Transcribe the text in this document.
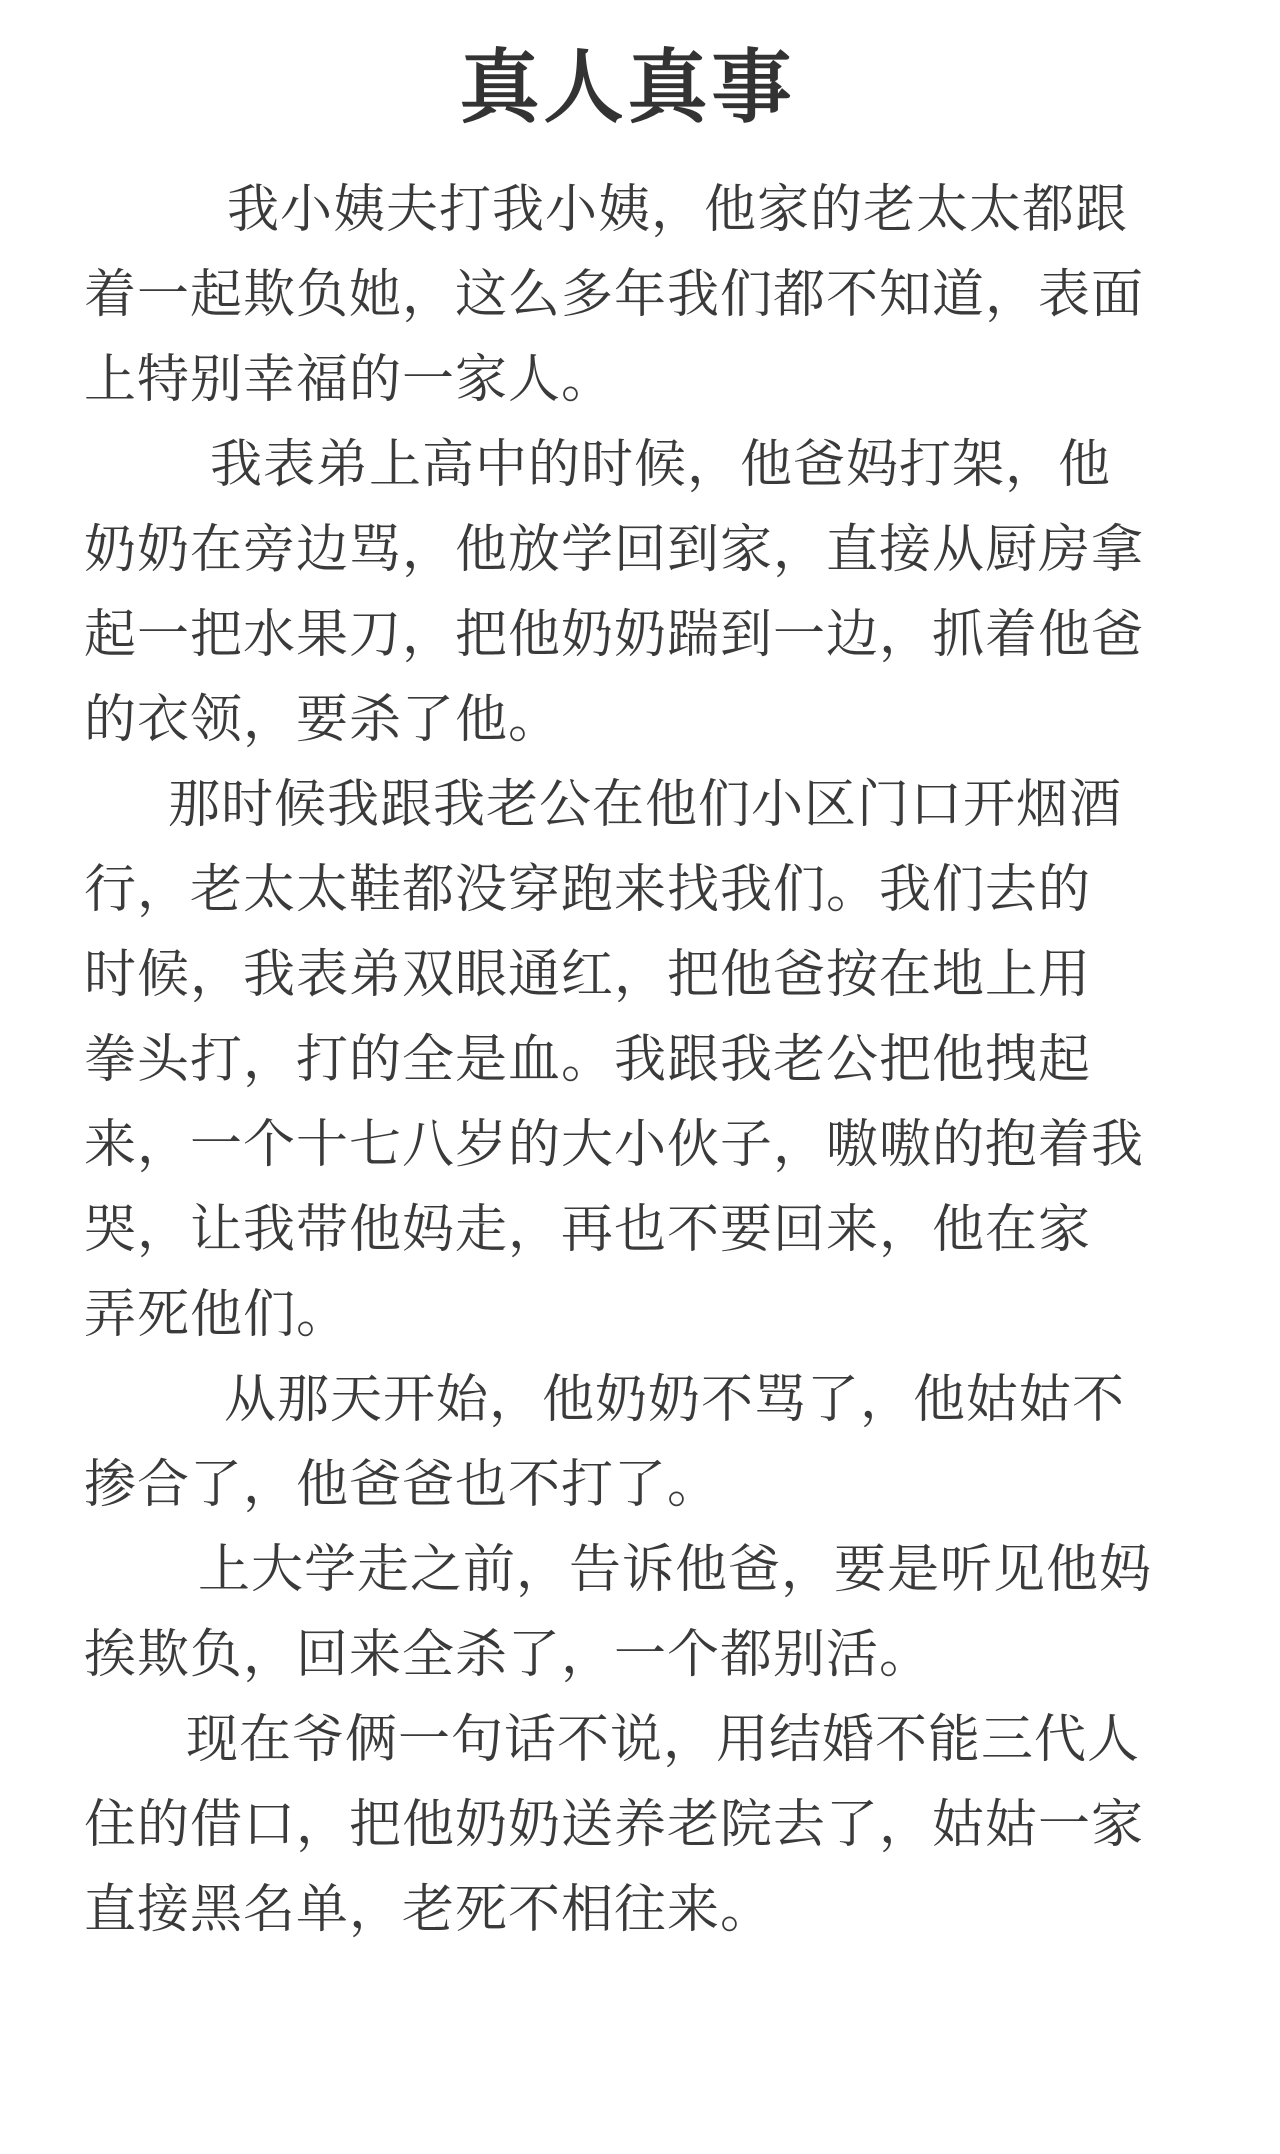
真人真事

我小姨夫打我小姨，他家的老太太都跟
着一起欺负她，这么多年我们都不知道，表面
上特别幸福的一家人。

我表弟上高中的时候，他爸妈打架，他
奶奶在旁边骂，他放学回到家，直接从厨房拿
起一把水果刀，把他奶奶踹到一边，抓着他爸
的衣领，要杀了他。

那时候我跟我老公在他们小区门口开烟酒
行，老太太鞋都没穿跑来找我们。我们去的
时候，我表弟双眼通红，把他爸按在地上用
拳头打，打的全是血。我跟我老公把他拽起
来，一个十七八岁的大小伙子，嗷嗷的抱着我
哭，让我带他妈走，再也不要回来，他在家
弄死他们。

从那天开始，他奶奶不骂了，他姑姑不
掺合了，他爸爸也不打了。

上大学走之前，告诉他爸，要是听见他妈
挨欺负，回来全杀了，一个都别活。

现在爷俩一句话不说，用结婚不能三代人
住的借口，把他奶奶送养老院去了，姑姑一家
直接黑名单，老死不相往来。
